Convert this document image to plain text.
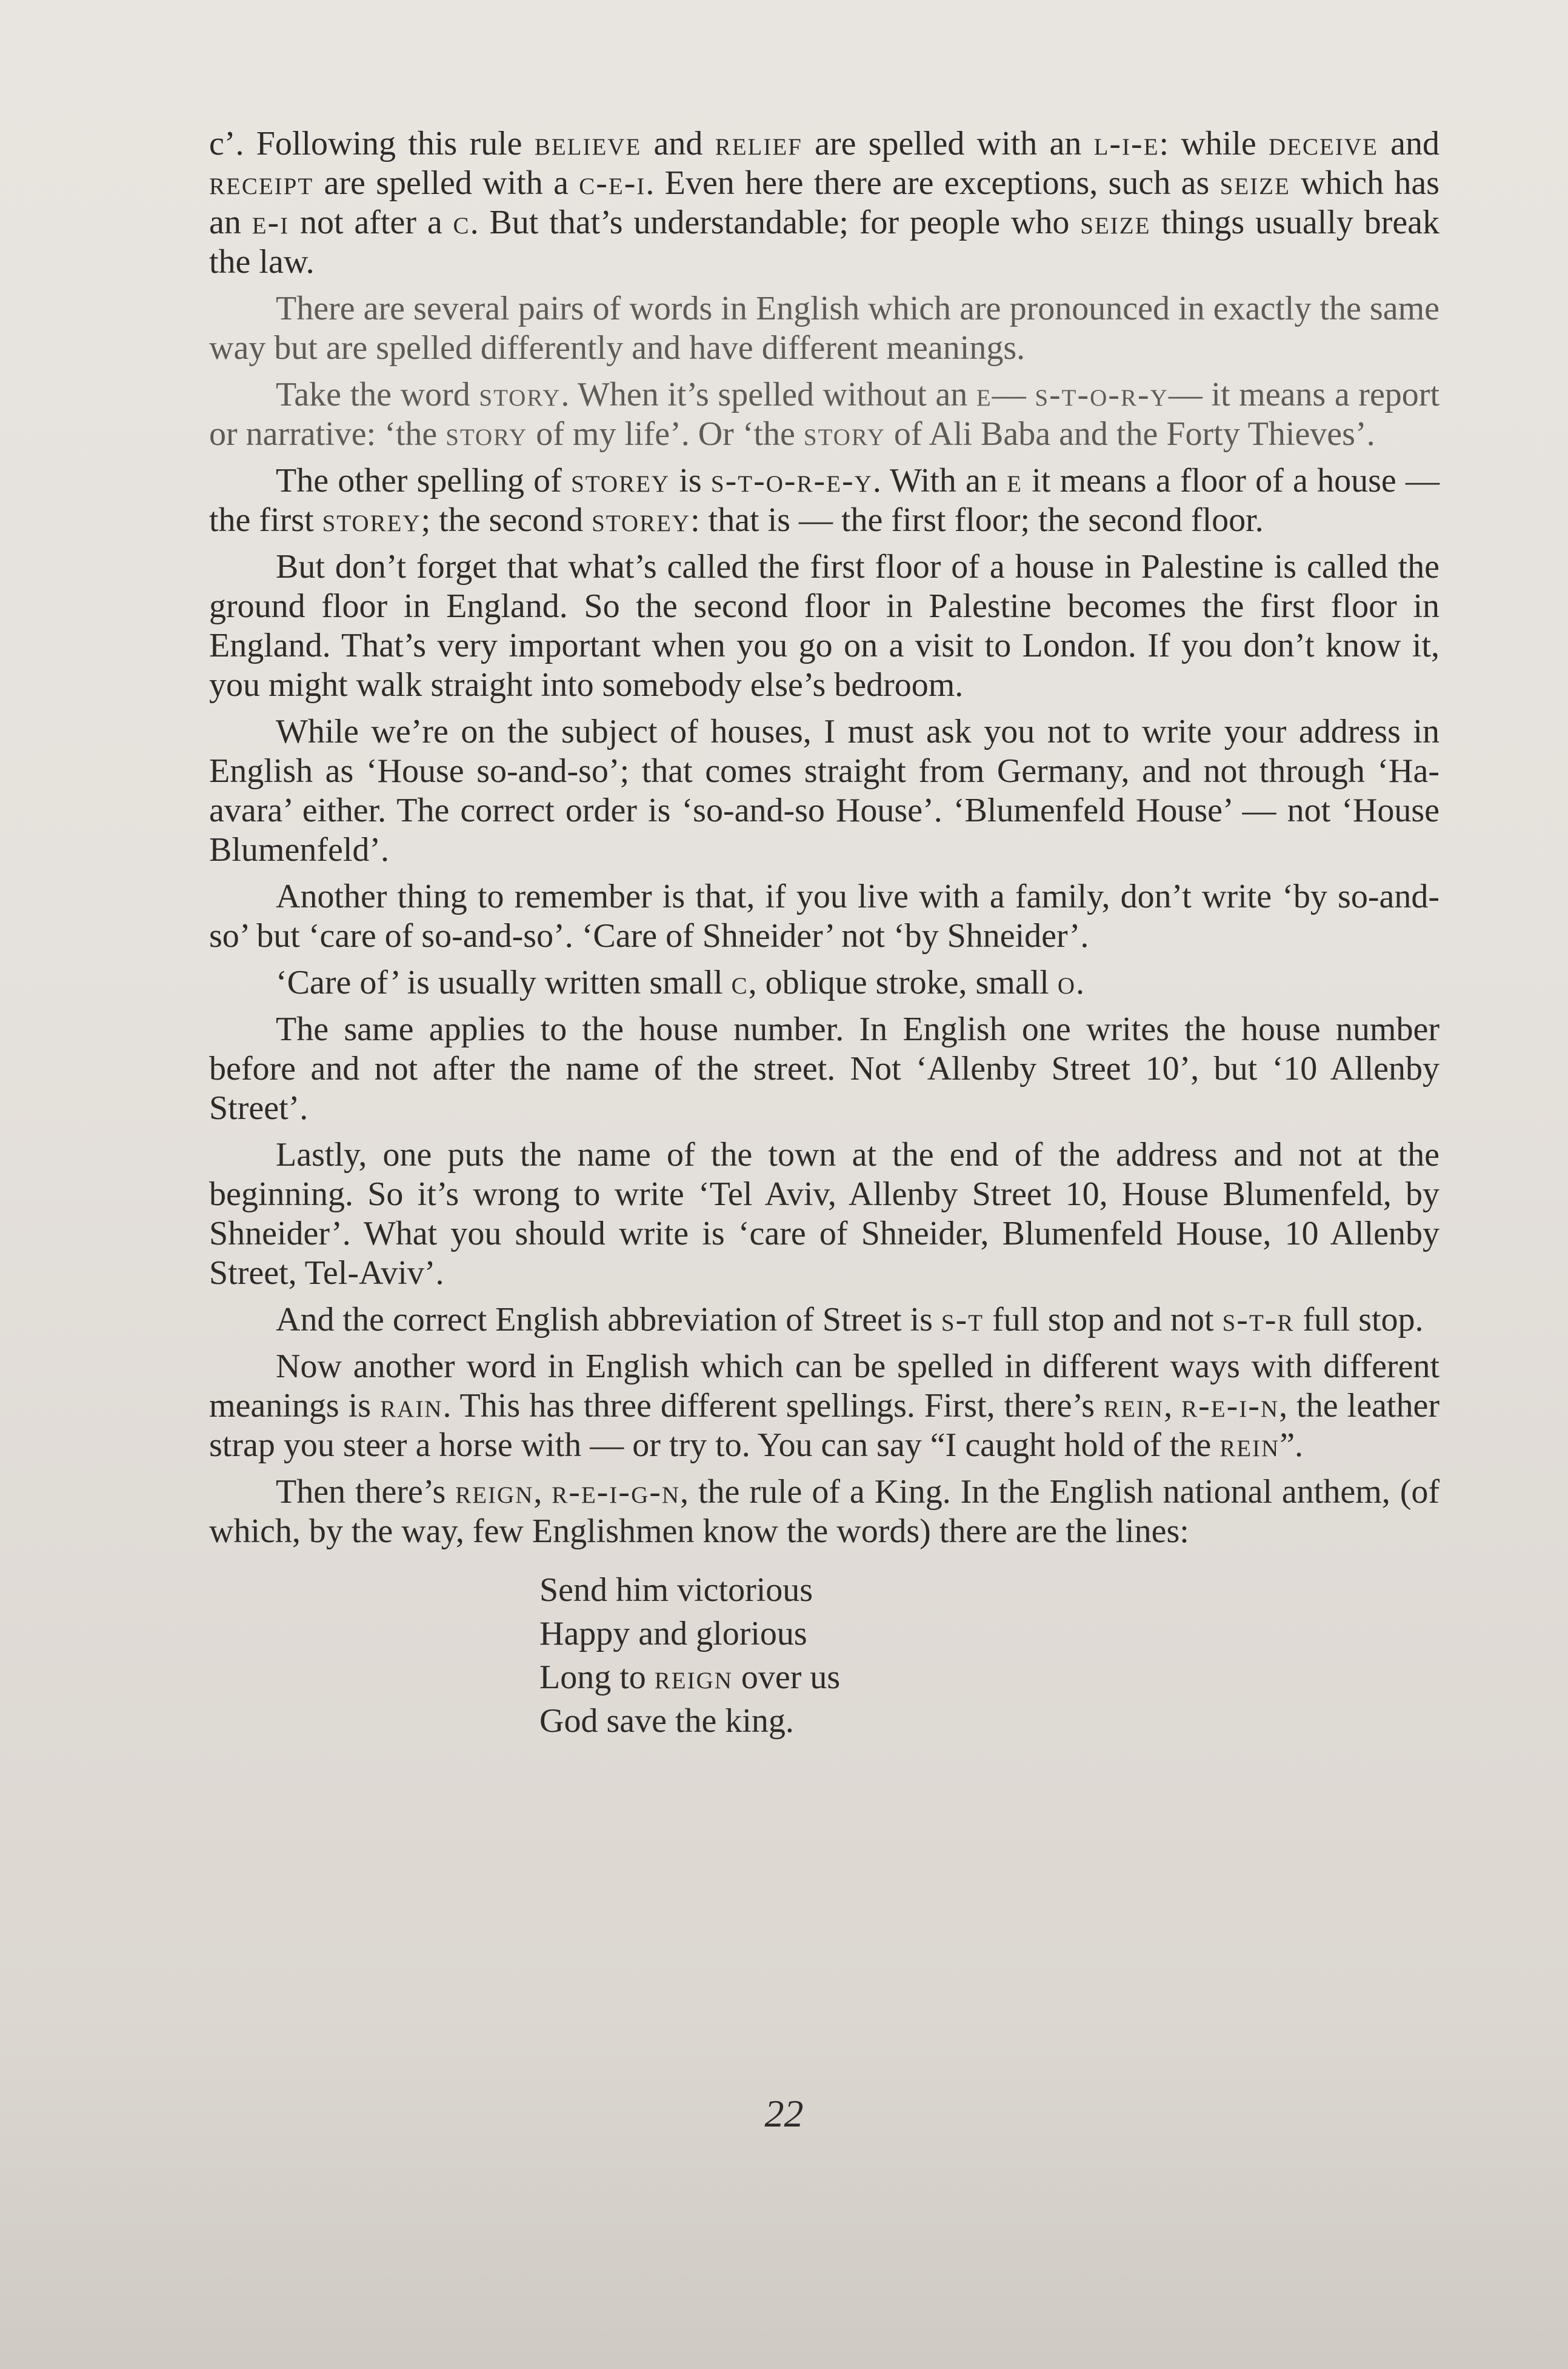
c’. Following this rule believe and relief are spelled with an l-i-e: while deceive and receipt are spelled with a c-e-i. Even here there are exceptions, such as seize which has an e-i not after a c. But that’s understandable; for people who seize things usually break the law.

There are several pairs of words in English which are pronounced in exactly the same way but are spelled differently and have different meanings.

Take the word story. When it’s spelled without an e— s-t-o-r-y— it means a report or narrative: ‘the story of my life’. Or ‘the story of Ali Baba and the Forty Thieves’.

The other spelling of storey is s-t-o-r-e-y. With an e it means a floor of a house — the first storey; the second storey: that is — the first floor; the second floor.

But don’t forget that what’s called the first floor of a house in Palestine is called the ground floor in England. So the second floor in Palestine becomes the first floor in England. That’s very important when you go on a visit to London. If you don’t know it, you might walk straight into somebody else’s bedroom.

While we’re on the subject of houses, I must ask you not to write your address in English as ‘House so-and-so’; that comes straight from Germany, and not through ‘Ha-avara’ either. The correct order is ‘so-and-so House’. ‘Blumenfeld House’ — not ‘House Blumenfeld’.

Another thing to remember is that, if you live with a family, don’t write ‘by so-and-so’ but ‘care of so-and-so’. ‘Care of Shneider’ not ‘by Shneider’.

‘Care of’ is usually written small c, oblique stroke, small o.

The same applies to the house number. In English one writes the house number before and not after the name of the street. Not ‘Allenby Street 10’, but ‘10 Allenby Street’.

Lastly, one puts the name of the town at the end of the address and not at the beginning. So it’s wrong to write ‘Tel Aviv, Allenby Street 10, House Blumenfeld, by Shneider’. What you should write is ‘care of Shneider, Blumenfeld House, 10 Allenby Street, Tel-Aviv’.

And the correct English abbreviation of Street is s-t full stop and not s-t-r full stop.

Now another word in English which can be spelled in different ways with different meanings is rain. This has three different spellings. First, there’s rein, r-e-i-n, the leather strap you steer a horse with — or try to. You can say “I caught hold of the rein”.

Then there’s reign, r-e-i-g-n, the rule of a King. In the English national anthem, (of which, by the way, few Englishmen know the words) there are the lines:

Send him victorious
Happy and glorious
Long to reign over us
God save the king.
22
